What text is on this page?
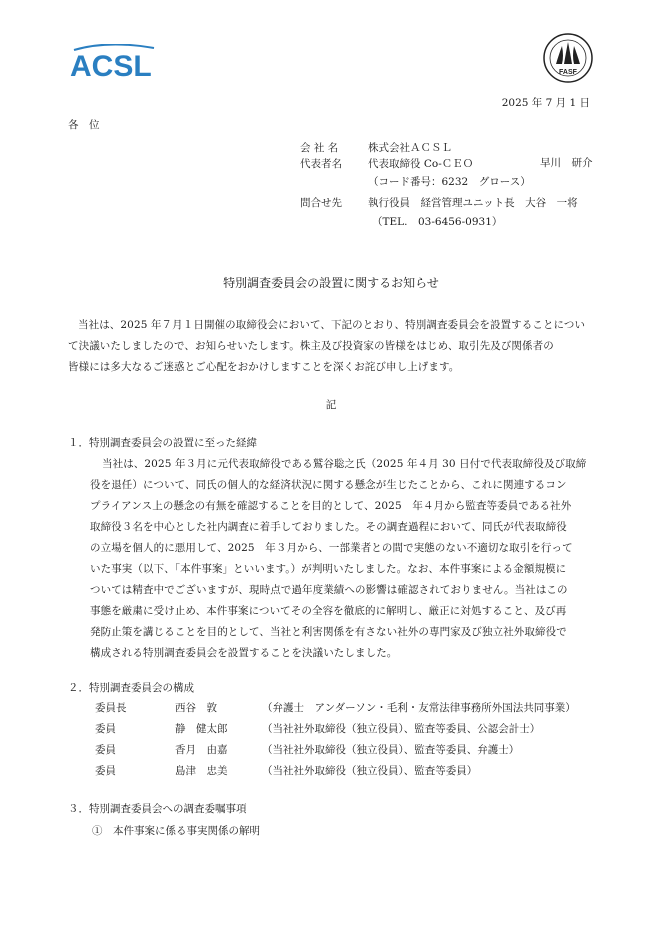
ACSL	FASF
2025 年 7 月 1 日
各　位
会 社 名	株式会社ＡＣＳＬ
代表者名 代表取締役 Co-ＣＥＯ	早川　研介
（コード番号：6232　グロース）
問合せ先 執行役員　経営管理ユニット長　大谷　一将
（TEL.　03-6456-0931）
特別調査委員会の設置に関するお知らせ
当社は、2025 年７月１日開催の取締役会において、下記のとおり、特別調査委員会を設置することについ
て決議いたしましたので、お知らせいたします。株主及び投資家の皆様をはじめ、取引先及び関係者の
皆様には多大なるご迷惑とご心配をおかけしますことを深くお詫び申し上げます。
記
１．特別調査委員会の設置に至った経緯
当社は、2025 年３月に元代表取締役である鷲谷聡之氏（2025 年４月 30 日付で代表取締役及び取締
役を退任）について、同氏の個人的な経済状況に関する懸念が生じたことから、これに関連するコン
プライアンス上の懸念の有無を確認することを目的として、2025　年４月から監査等委員である社外
取締役３名を中心とした社内調査に着手しておりました。その調査過程において、同氏が代表取締役
の立場を個人的に悪用して、2025　年３月から、一部業者との間で実態のない不適切な取引を行って
いた事実（以下、「本件事案」といいます。）が判明いたしました。なお、本件事案による金額規模に
ついては精査中でございますが、現時点で過年度業績への影響は確認されておりません。当社はこの
事態を厳粛に受け止め、本件事案についてその全容を徹底的に解明し、厳正に対処すること、及び再
発防止策を講じることを目的として、当社と利害関係を有さない社外の専門家及び独立社外取締役で
構成される特別調査委員会を設置することを決議いたしました。
２．特別調査委員会の構成
委員長	西谷　敦	（弁護士　アンダーソン・毛利・友常法律事務所外国法共同事業）
委員	静　健太郎	（当社社外取締役（独立役員）、監査等委員、公認会計士）
委員	香月　由嘉	（当社社外取締役（独立役員）、監査等委員、弁護士）
委員	島津　忠美	（当社社外取締役（独立役員）、監査等委員）
３．特別調査委員会への調査委嘱事項
①　本件事案に係る事実関係の解明
